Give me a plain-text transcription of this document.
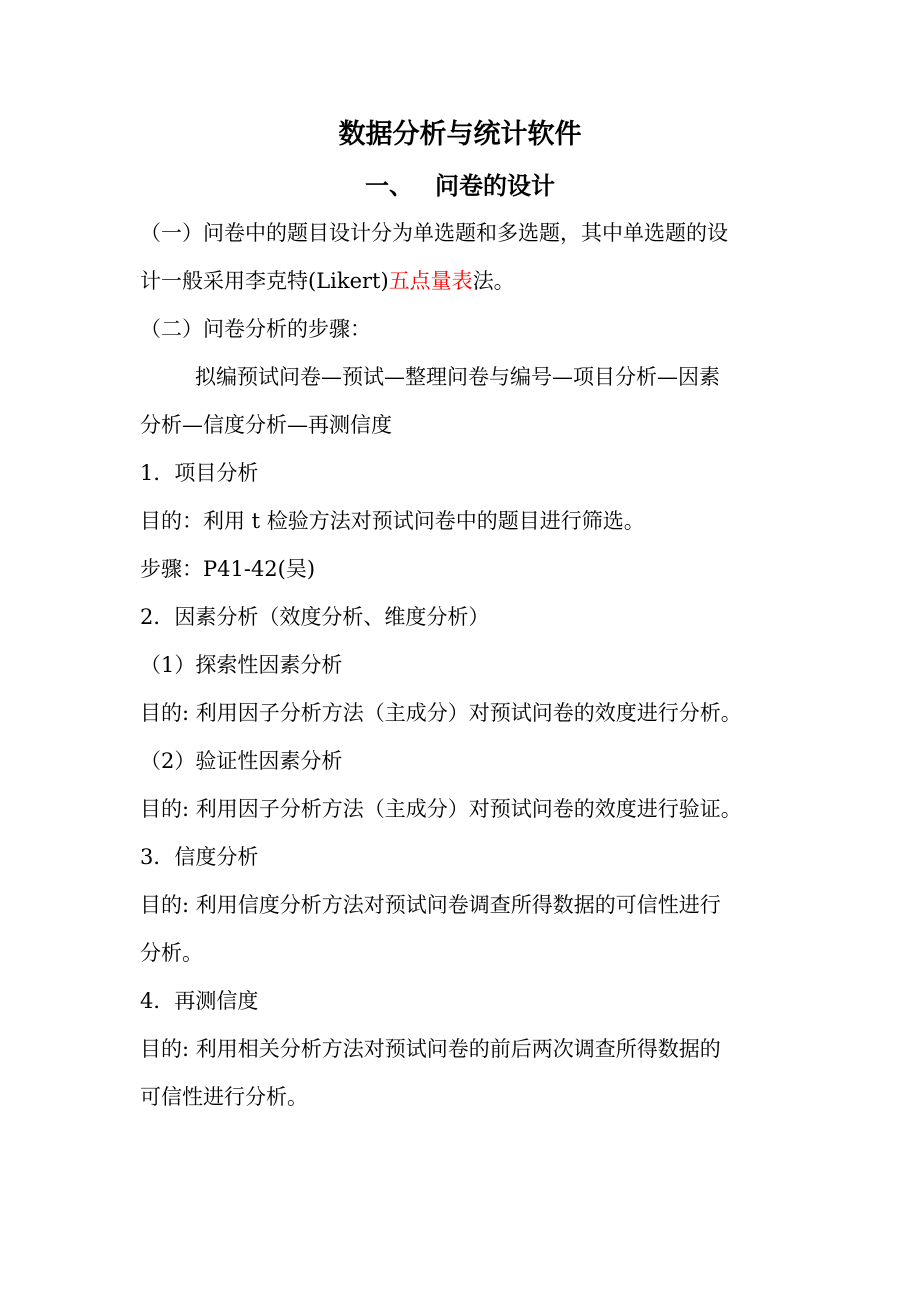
数据分析与统计软件
一、 问卷的设计
（一）问卷中的题目设计分为单选题和多选题，其中单选题的设
计一般采用李克特(Likert)五点量表法。
（二）问卷分析的步骤：
拟编预试问卷—预试—整理问卷与编号—项目分析—因素
分析—信度分析—再测信度
1．项目分析
目的：利用 t 检验方法对预试问卷中的题目进行筛选。
步骤：P41-42(吴)
2．因素分析（效度分析、维度分析）
（1）探索性因素分析
目的: 利用因子分析方法（主成分）对预试问卷的效度进行分析。
（2）验证性因素分析
目的: 利用因子分析方法（主成分）对预试问卷的效度进行验证。
3．信度分析
目的: 利用信度分析方法对预试问卷调查所得数据的可信性进行
分析。
4．再测信度
目的: 利用相关分析方法对预试问卷的前后两次调查所得数据的
可信性进行分析。
